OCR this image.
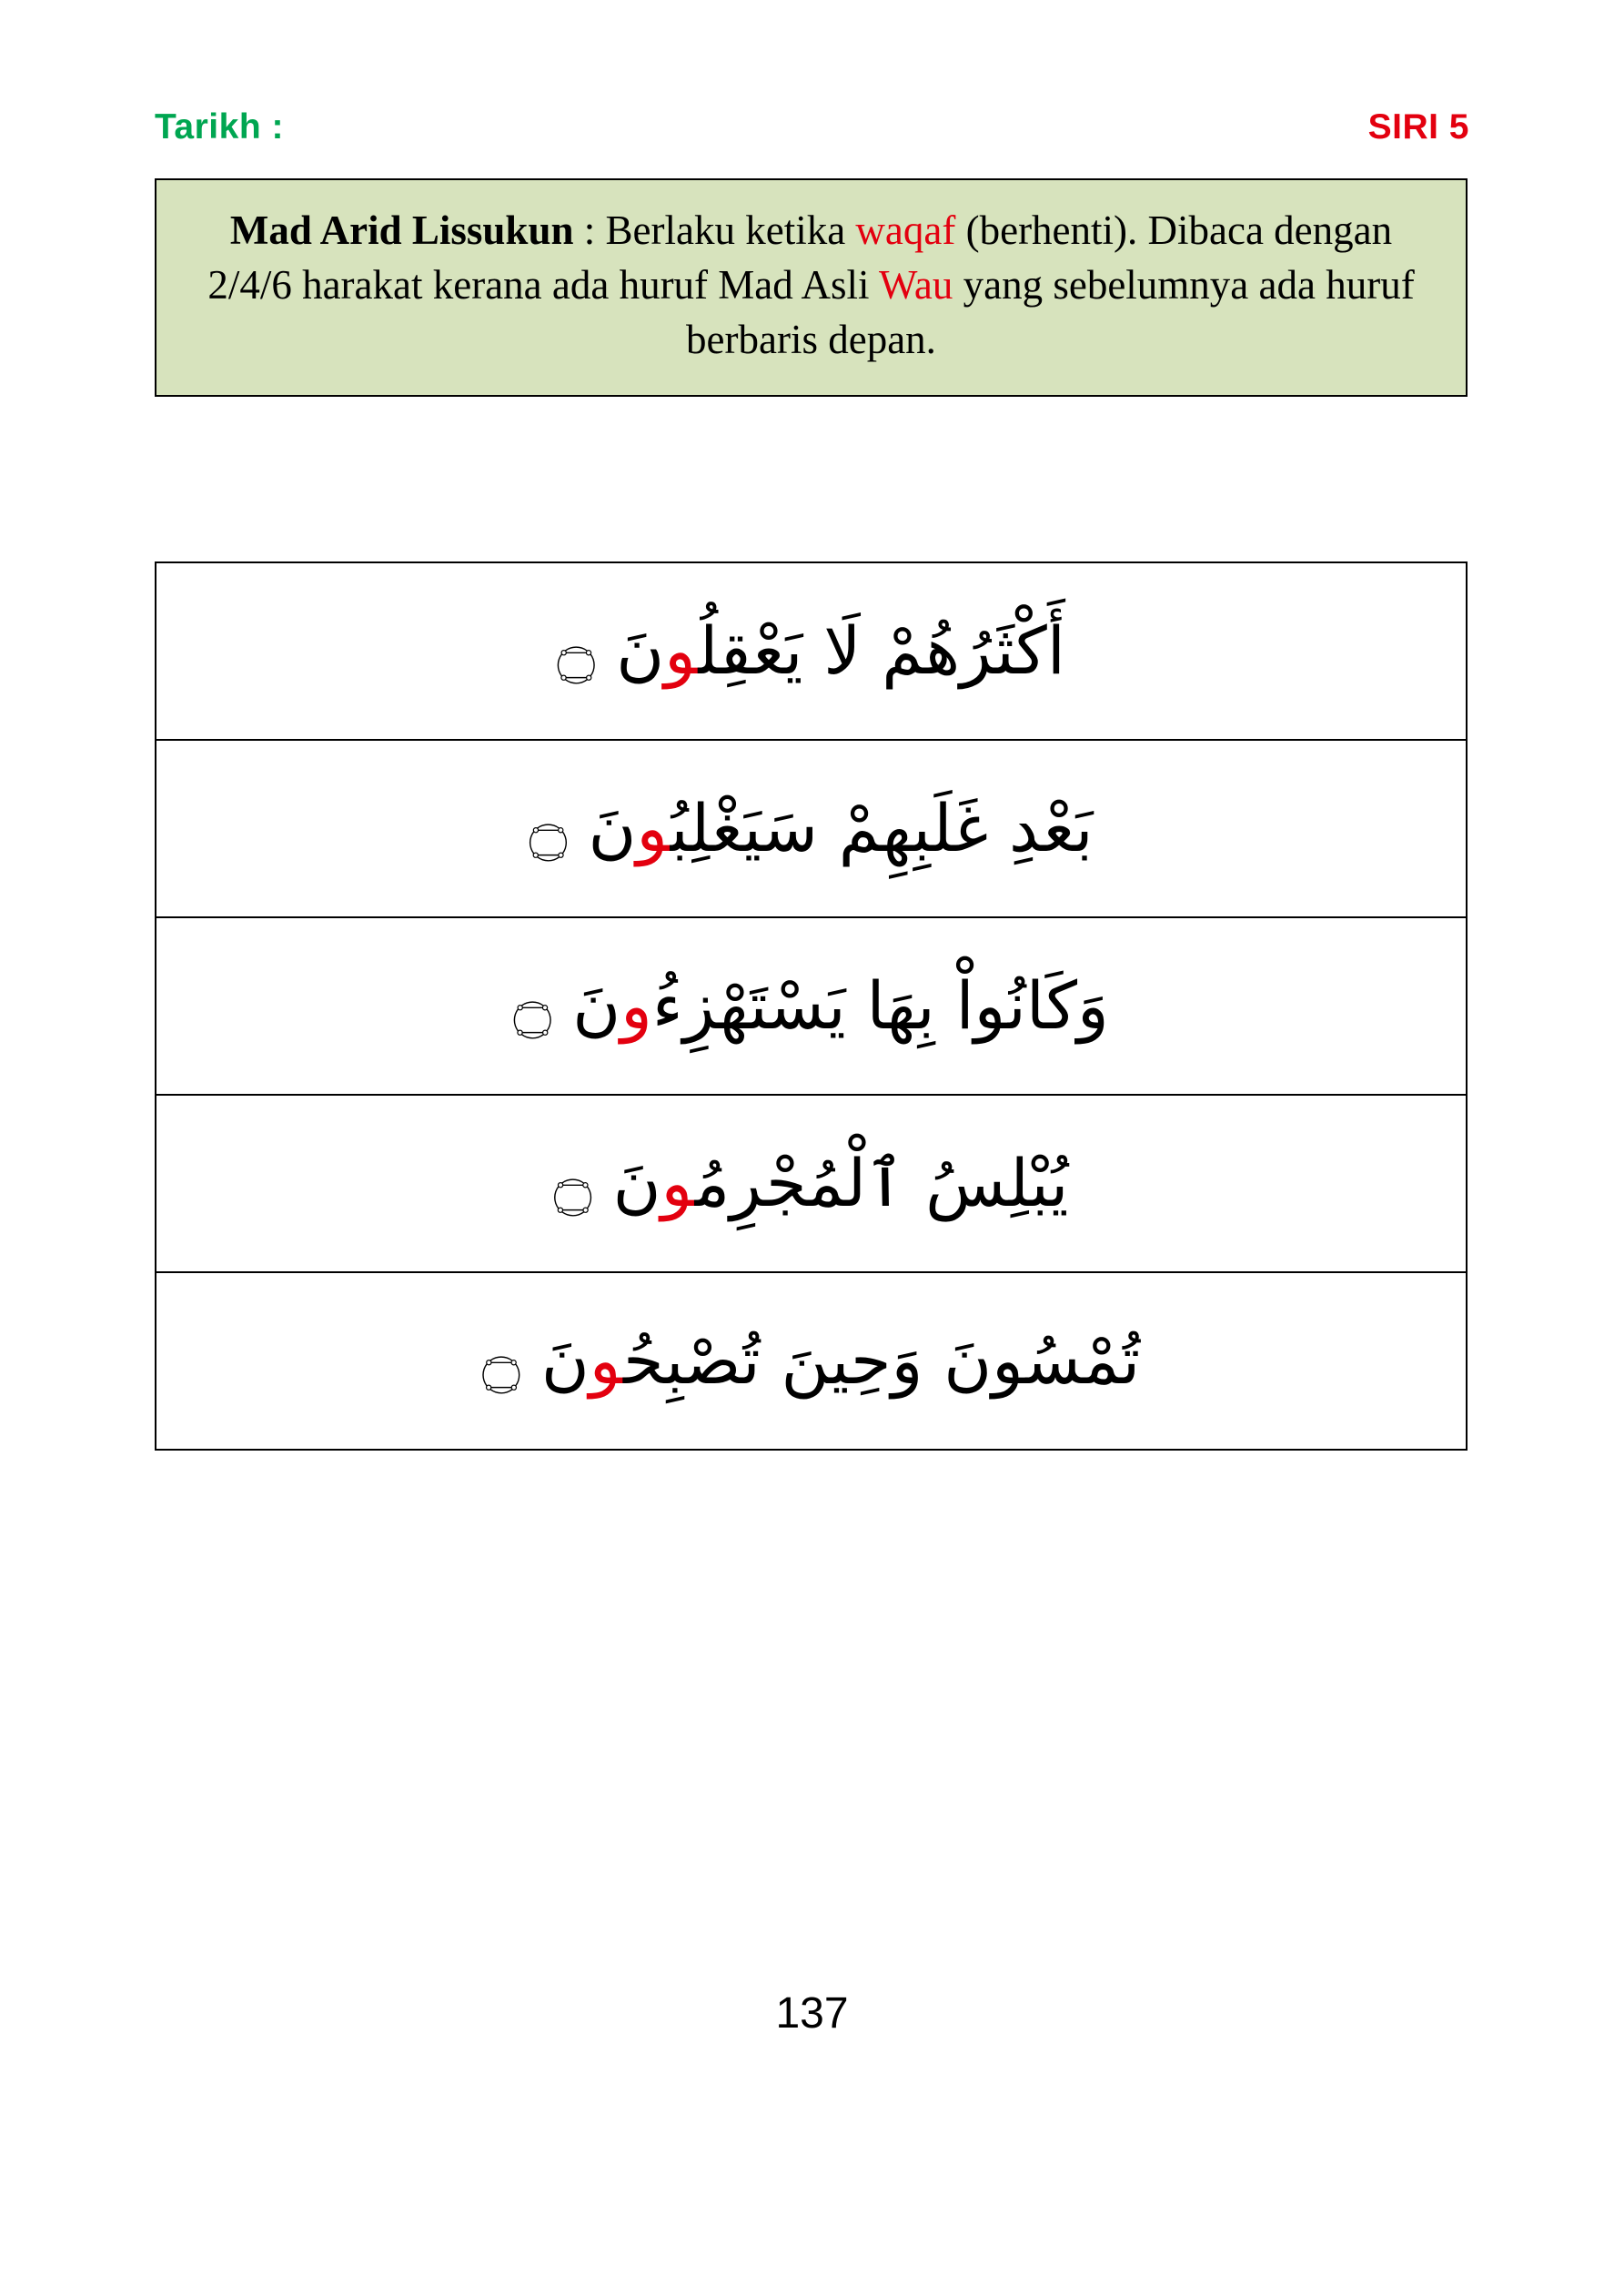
Tarikh :	SIRI 5
Mad Arid Lissukun : Berlaku ketika waqaf (berhenti). Dibaca dengan 2/4/6 harakat kerana ada huruf Mad Asli Wau yang sebelumnya ada huruf berbaris depan.
أَكْثَرُهُمْ لَا يَعْقِلُونَ ۝

بَعْدِ غَلَبِهِمْ سَيَغْلِبُونَ ۝

وَكَانُواْ بِهَا يَسْتَهْزِءُونَ ۝

يُبْلِسُ ٱلْمُجْرِمُونَ ۝

تُمْسُونَ وَحِينَ تُصْبِحُونَ ۝
137
